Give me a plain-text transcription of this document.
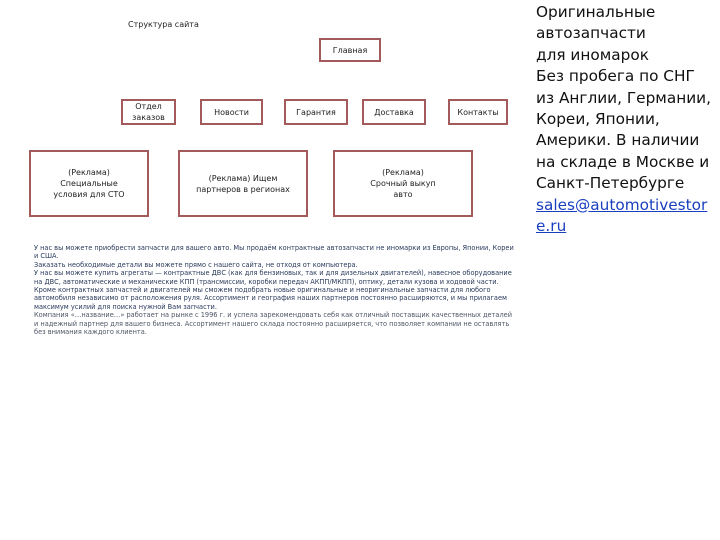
Структура сайта
Главная
Отдел заказов
Новости	Гарантия	Доставка	Контакты
(Реклама) Специальные условия для СТО
(Реклама) Ищем партнеров в регионах
(Реклама) Срочный выкуп авто

У нас вы можете приобрести запчасти для вашего авто. Мы продаём контрактные автозапчасти не иномарки из Европы, Японии, Кореи и США.

Заказать необходимые детали вы можете прямо с нашего сайта, не отходя от компьютера.

У нас вы можете купить агрегаты — контрактные ДВС (как для бензиновых, так и для дизельных двигателей), навесное оборудование на ДВС, автоматические и механические КПП (трансмиссии, коробки передач АКПП/МКПП), оптику, детали кузова и ходовой части.

Кроме контрактных запчастей и двигателей мы сможем подобрать новые оригинальные и неоригинальные запчасти для любого автомобиля независимо от расположения руля. Ассортимент и география наших партнеров постоянно расширяются, и мы прилагаем максимум усилий для поиска нужной Вам запчасти.

Компания «…название…» работает на рынке с 1996 г. и успела зарекомендовать себя как отличный поставщик качественных деталей и надежный партнер для вашего бизнеса. Ассортимент нашего склада постоянно расширяется, что позволяет компании не оставлять без внимания каждого клиента.

Оригинальные
автозапчасти
для иномарок
Без пробега по СНГ
из Англии, Германии,
Кореи, Японии,
Америки. В наличии
на складе в Москве и
Санкт-Петербурге
sales@automotivestor
e.ru
